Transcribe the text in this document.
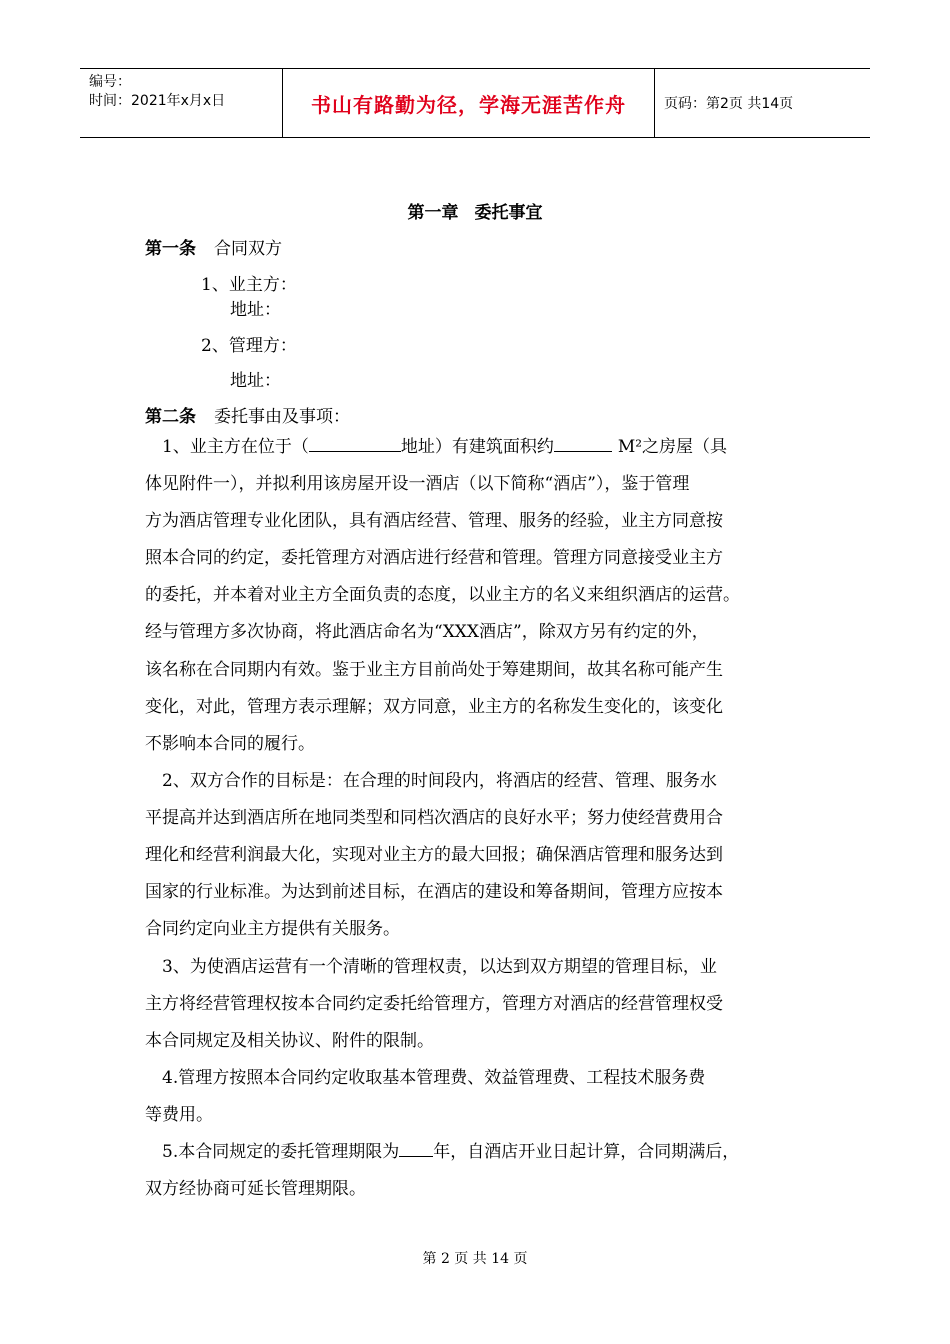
编号：
时间：2021年x月x日	书山有路勤为径，学海无涯苦作舟	页码：第2页 共14页
第一章 委托事宜
第一条 合同双方
1、业主方：
地址：
2、管理方：
地址：
第二条 委托事由及事项：
　1、业主方在位于（	地址）有建筑面积约	M²之房屋（具
体见附件一），并拟利用该房屋开设一酒店（以下简称“酒店”），鉴于管理
方为酒店管理专业化团队，具有酒店经营、管理、服务的经验，业主方同意按
照本合同的约定，委托管理方对酒店进行经营和管理。管理方同意接受业主方
的委托，并本着对业主方全面负责的态度，以业主方的名义来组织酒店的运营。
经与管理方多次协商，将此酒店命名为“XXX酒店”，除双方另有约定的外，
该名称在合同期内有效。鉴于业主方目前尚处于筹建期间，故其名称可能产生
变化，对此，管理方表示理解；双方同意，业主方的名称发生变化的，该变化
不影响本合同的履行。
　2、双方合作的目标是：在合理的时间段内，将酒店的经营、管理、服务水
平提高并达到酒店所在地同类型和同档次酒店的良好水平；努力使经营费用合
理化和经营利润最大化，实现对业主方的最大回报；确保酒店管理和服务达到
国家的行业标准。为达到前述目标，在酒店的建设和筹备期间，管理方应按本
合同约定向业主方提供有关服务。
　3、为使酒店运营有一个清晰的管理权责，以达到双方期望的管理目标，业
主方将经营管理权按本合同约定委托给管理方，管理方对酒店的经营管理权受
本合同规定及相关协议、附件的限制。
　4.管理方按照本合同约定收取基本管理费、效益管理费、工程技术服务费
等费用。
　5.本合同规定的委托管理期限为 年，自酒店开业日起计算，合同期满后，
双方经协商可延长管理期限。
第 2 页 共 14 页
